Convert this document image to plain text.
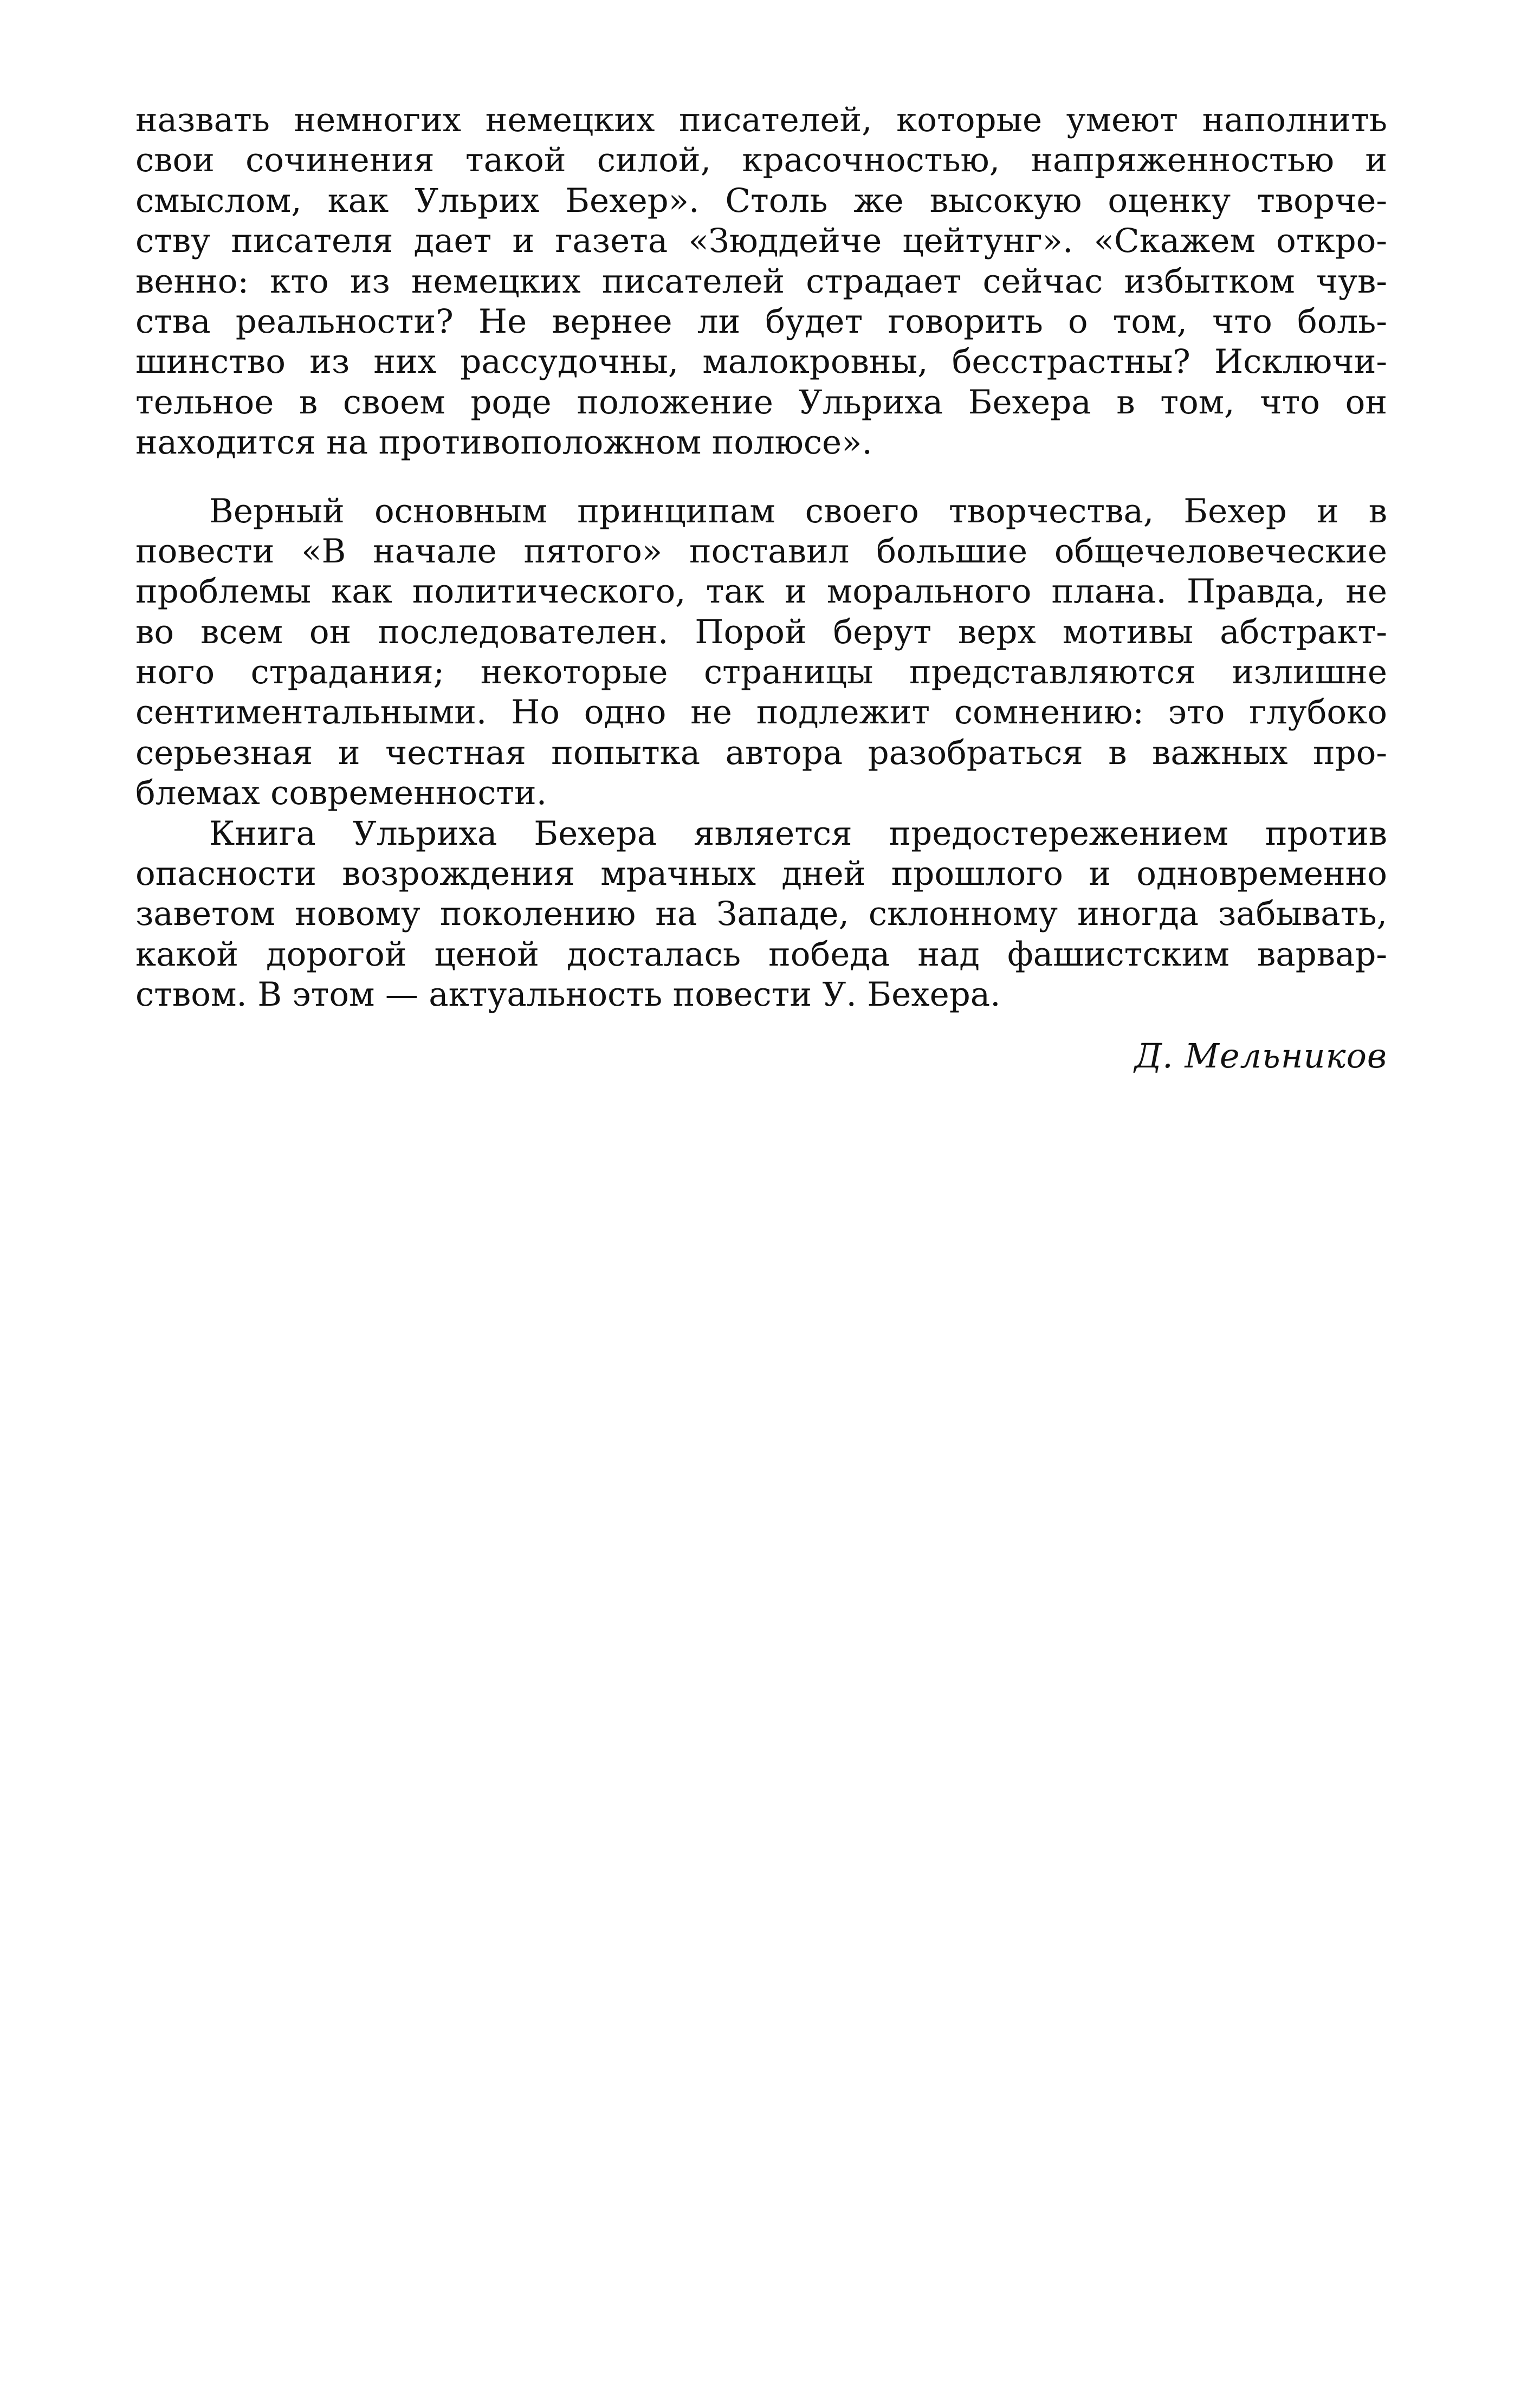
назвать немногих немецких писателей, которые умеют наполнить
свои сочинения такой силой, красочностью, напряженностью и
смыслом, как Ульрих Бехер». Столь же высокую оценку творче-
ству писателя дает и газета «Зюддейче цейтунг». «Скажем откро-
венно: кто из немецких писателей страдает сейчас избытком чув-
ства реальности? Не вернее ли будет говорить о том, что боль-
шинство из них рассудочны, малокровны, бесстрастны? Исключи-
тельное в своем роде положение Ульриха Бехера в том, что он
находится на противоположном полюсе».
Верный основным принципам своего творчества, Бехер и в
повести «В начале пятого» поставил большие общечеловеческие
проблемы как политического, так и морального плана. Правда, не
во всем он последователен. Порой берут верх мотивы абстракт-
ного страдания; некоторые страницы представляются излишне
сентиментальными. Но одно не подлежит сомнению: это глубоко
серьезная и честная попытка автора разобраться в важных про-
блемах современности.
Книга Ульриха Бехера является предостережением против
опасности возрождения мрачных дней прошлого и одновременно
заветом новому поколению на Западе, склонному иногда забывать,
какой дорогой ценой досталась победа над фашистским варвар-
ством. В этом — актуальность повести У. Бехера.
Д. Мельников
